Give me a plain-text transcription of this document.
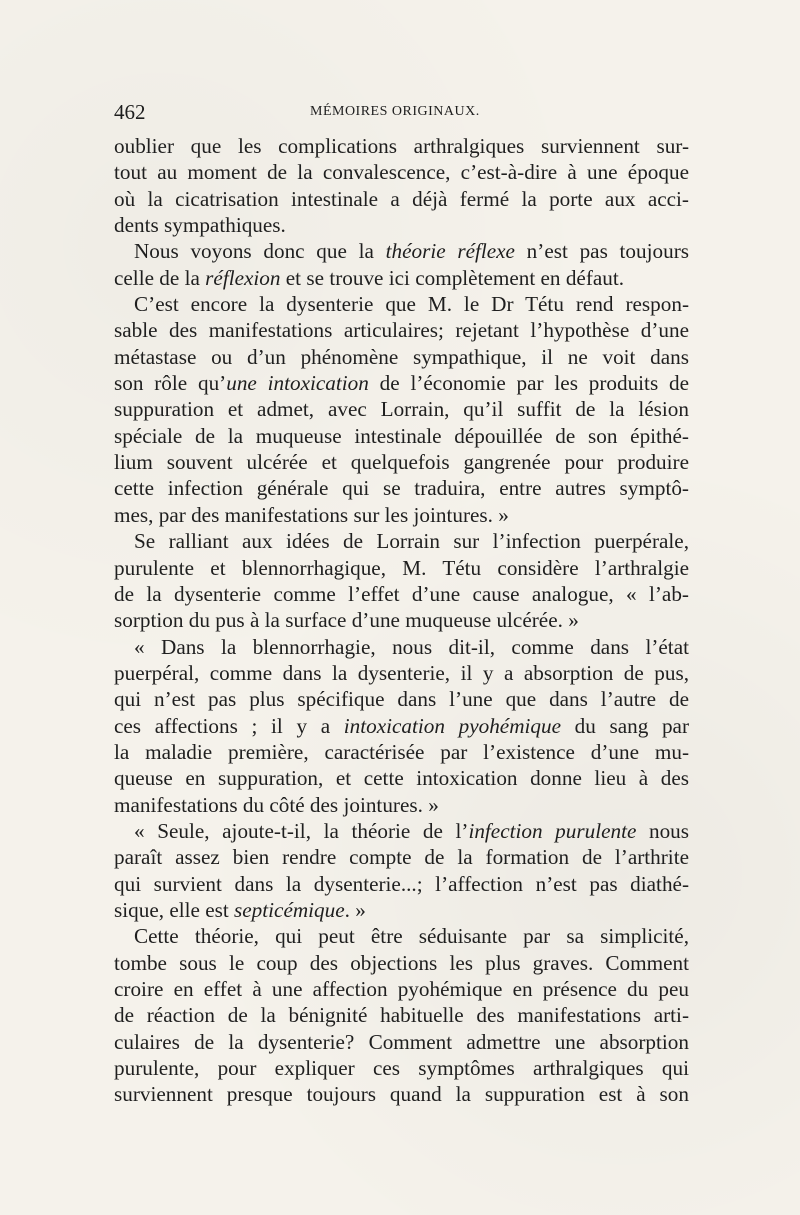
462	MÉMOIRES ORIGINAUX.
oublier que les complications arthralgiques surviennent sur-
tout au moment de la convalescence, c’est-à-dire à une époque
où la cicatrisation intestinale a déjà fermé la porte aux acci-
dents sympathiques.
Nous voyons donc que la théorie réflexe n’est pas toujours
celle de la réflexion et se trouve ici complètement en défaut.
C’est encore la dysenterie que M. le Dr Tétu rend respon-
sable des manifestations articulaires; rejetant l’hypothèse d’une
métastase ou d’un phénomène sympathique, il ne voit dans
son rôle qu’une intoxication de l’économie par les produits de
suppuration et admet, avec Lorrain, qu’il suffit de la lésion
spéciale de la muqueuse intestinale dépouillée de son épithé-
lium souvent ulcérée et quelquefois gangrenée pour produire
cette infection générale qui se traduira, entre autres symptô-
mes, par des manifestations sur les jointures. »
Se ralliant aux idées de Lorrain sur l’infection puerpérale,
purulente et blennorrhagique, M. Tétu considère l’arthralgie
de la dysenterie comme l’effet d’une cause analogue, « l’ab-
sorption du pus à la surface d’une muqueuse ulcérée. »
« Dans la blennorrhagie, nous dit-il, comme dans l’état
puerpéral, comme dans la dysenterie, il y a absorption de pus,
qui n’est pas plus spécifique dans l’une que dans l’autre de
ces affections ; il y a intoxication pyohémique du sang par
la maladie première, caractérisée par l’existence d’une mu-
queuse en suppuration, et cette intoxication donne lieu à des
manifestations du côté des jointures. »
« Seule, ajoute-t-il, la théorie de l’infection purulente nous
paraît assez bien rendre compte de la formation de l’arthrite
qui survient dans la dysenterie...; l’affection n’est pas diathé-
sique, elle est septicémique. »
Cette théorie, qui peut être séduisante par sa simplicité,
tombe sous le coup des objections les plus graves. Comment
croire en effet à une affection pyohémique en présence du peu
de réaction de la bénignité habituelle des manifestations arti-
culaires de la dysenterie? Comment admettre une absorption
purulente, pour expliquer ces symptômes arthralgiques qui
surviennent presque toujours quand la suppuration est à son
